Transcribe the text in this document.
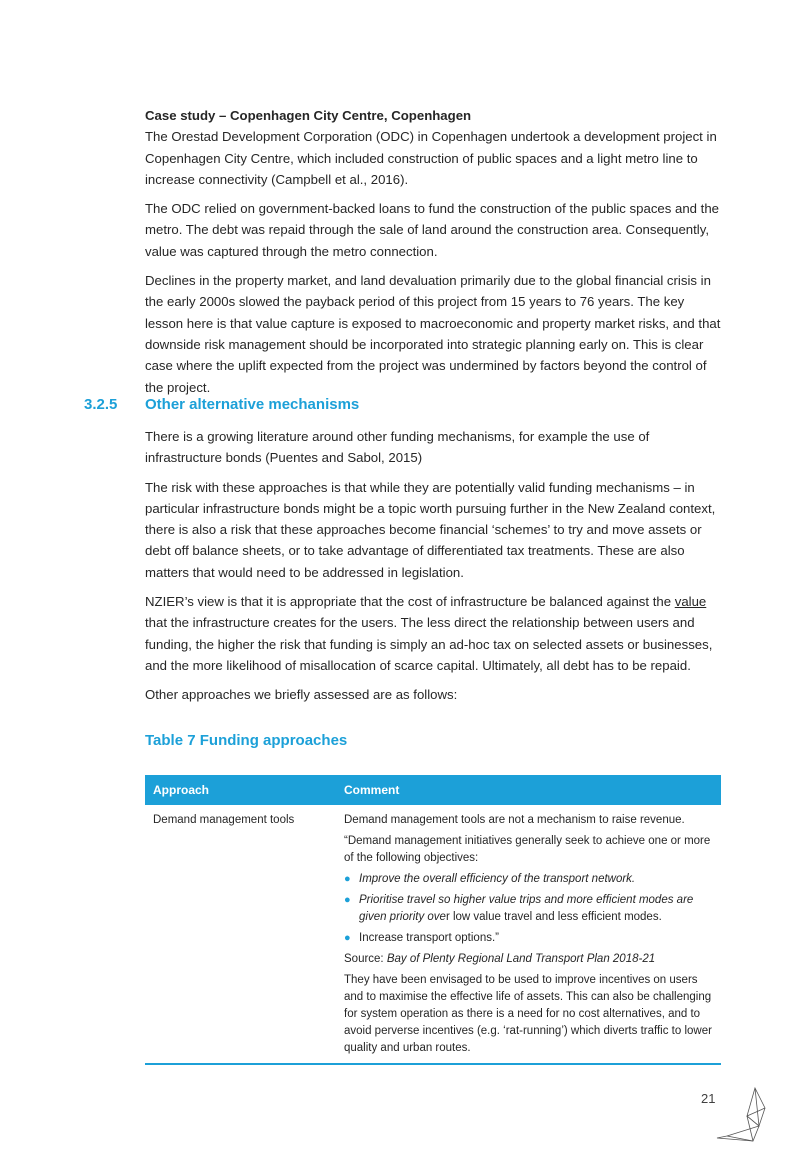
Case study – Copenhagen City Centre, Copenhagen

The Orestad Development Corporation (ODC) in Copenhagen undertook a development project in Copenhagen City Centre, which included construction of public spaces and a light metro line to increase connectivity (Campbell et al., 2016).

The ODC relied on government-backed loans to fund the construction of the public spaces and the metro. The debt was repaid through the sale of land around the construction area. Consequently, value was captured through the metro connection.

Declines in the property market, and land devaluation primarily due to the global financial crisis in the early 2000s slowed the payback period of this project from 15 years to 76 years. The key lesson here is that value capture is exposed to macroeconomic and property market risks, and that downside risk management should be incorporated into strategic planning early on. This is clear case where the uplift expected from the project was undermined by factors beyond the control of the project.

3.2.5	Other alternative mechanisms

There is a growing literature around other funding mechanisms, for example the use of infrastructure bonds (Puentes and Sabol, 2015)

The risk with these approaches is that while they are potentially valid funding mechanisms – in particular infrastructure bonds might be a topic worth pursuing further in the New Zealand context, there is also a risk that these approaches become financial ‘schemes’ to try and move assets or debt off balance sheets, or to take advantage of differentiated tax treatments. These are also matters that would need to be addressed in legislation.

NZIER’s view is that it is appropriate that the cost of infrastructure be balanced against the value that the infrastructure creates for the users. The less direct the relationship between users and funding, the higher the risk that funding is simply an ad-hoc tax on selected assets or businesses, and the more likelihood of misallocation of scarce capital. Ultimately, all debt has to be repaid.

Other approaches we briefly assessed are as follows:

Table 7 Funding approaches
Approach	Comment
Demand management tools	Demand management tools are not a mechanism to raise revenue.

“Demand management initiatives generally seek to achieve one or more of the following objectives:

● Improve the overall efficiency of the transport network.
● Prioritise travel so higher value trips and more efficient modes are given priority over low value travel and less efficient modes.
● Increase transport options.”

Source: Bay of Plenty Regional Land Transport Plan 2018-21

They have been envisaged to be used to improve incentives on users and to maximise the effective life of assets. This can also be challenging for system operation as there is a need for no cost alternatives, and to avoid perverse incentives (e.g. ‘rat-running’) which diverts traffic to lower quality and urban routes.

21
